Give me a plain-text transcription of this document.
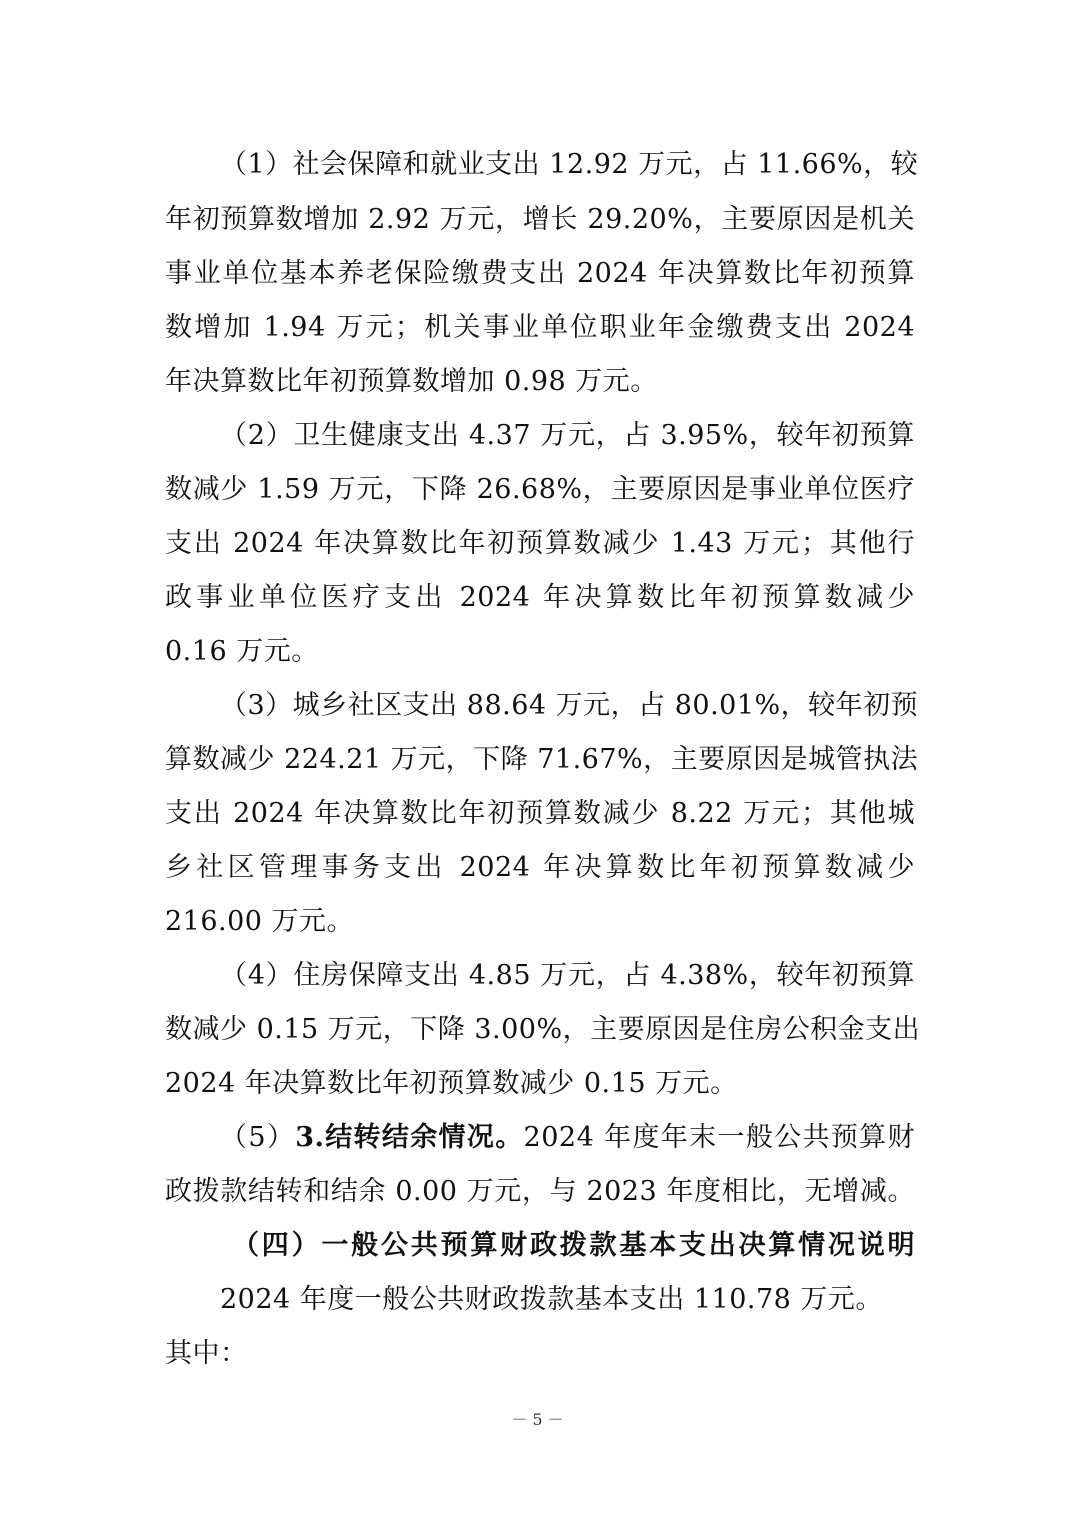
（1）社会保障和就业支出 12.92 万元，占 11.66%，较
年初预算数增加 2.92 万元，增长 29.20%，主要原因是机关
事业单位基本养老保险缴费支出 2024 年决算数比年初预算
数增加 1.94 万元；机关事业单位职业年金缴费支出 2024
年决算数比年初预算数增加 0.98 万元。
（2）卫生健康支出 4.37 万元，占 3.95%，较年初预算
数减少 1.59 万元，下降 26.68%，主要原因是事业单位医疗
支出 2024 年决算数比年初预算数减少 1.43 万元；其他行
政事业单位医疗支出 2024 年决算数比年初预算数减少
0.16 万元。
（3）城乡社区支出 88.64 万元，占 80.01%，较年初预
算数减少 224.21 万元，下降 71.67%，主要原因是城管执法
支出 2024 年决算数比年初预算数减少 8.22 万元；其他城
乡社区管理事务支出 2024 年决算数比年初预算数减少
216.00 万元。
（4）住房保障支出 4.85 万元，占 4.38%，较年初预算
数减少 0.15 万元，下降 3.00%，主要原因是住房公积金支出
2024 年决算数比年初预算数减少 0.15 万元。
（5）3.结转结余情况。2024 年度年末一般公共预算财
政拨款结转和结余 0.00 万元，与 2023 年度相比，无增减。
（四）一般公共预算财政拨款基本支出决算情况说明
2024 年度一般公共财政拨款基本支出 110.78 万元。
其中：
－ 5 －
